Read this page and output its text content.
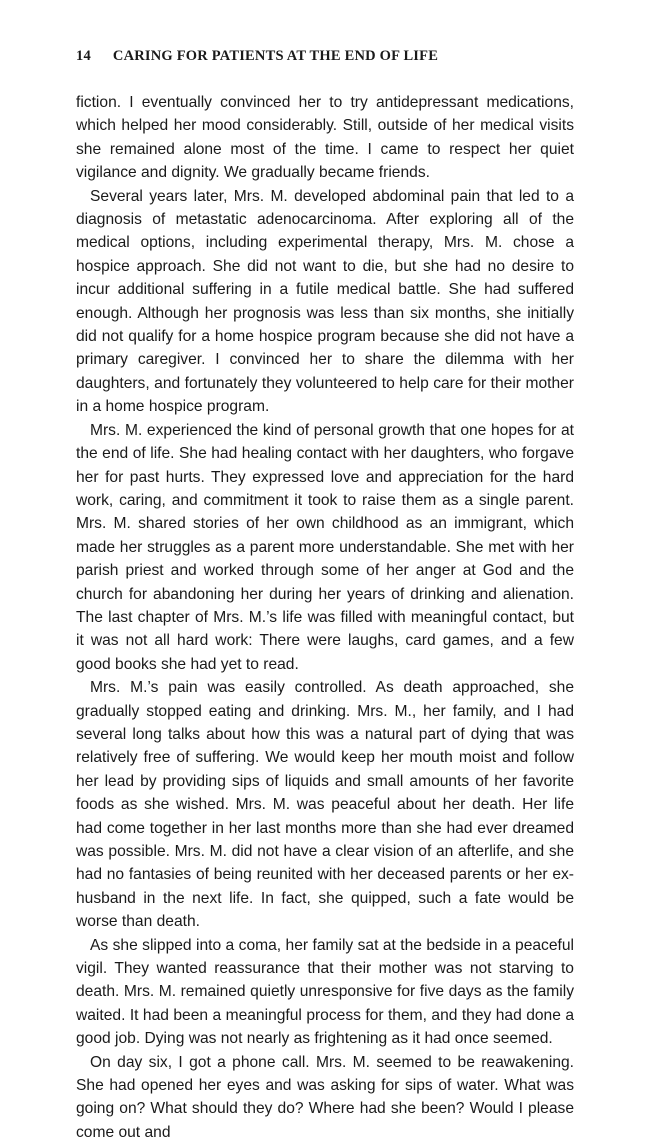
14 CARING FOR PATIENTS AT THE END OF LIFE

fiction. I eventually convinced her to try antidepressant medications, which helped her mood considerably. Still, outside of her medical visits she remained alone most of the time. I came to respect her quiet vigilance and dignity. We gradually became friends.

Several years later, Mrs. M. developed abdominal pain that led to a diagnosis of metastatic adenocarcinoma. After exploring all of the medical options, including experimental therapy, Mrs. M. chose a hospice approach. She did not want to die, but she had no desire to incur additional suffering in a futile medical battle. She had suffered enough. Although her prognosis was less than six months, she initially did not qualify for a home hospice program because she did not have a primary caregiver. I convinced her to share the dilemma with her daughters, and fortunately they volunteered to help care for their mother in a home hospice program.

Mrs. M. experienced the kind of personal growth that one hopes for at the end of life. She had healing contact with her daughters, who forgave her for past hurts. They expressed love and appreciation for the hard work, caring, and commitment it took to raise them as a single parent. Mrs. M. shared stories of her own childhood as an immigrant, which made her struggles as a parent more understandable. She met with her parish priest and worked through some of her anger at God and the church for abandoning her during her years of drinking and alienation. The last chapter of Mrs. M.’s life was filled with meaningful contact, but it was not all hard work: There were laughs, card games, and a few good books she had yet to read.

Mrs. M.’s pain was easily controlled. As death approached, she gradually stopped eating and drinking. Mrs. M., her family, and I had several long talks about how this was a natural part of dying that was relatively free of suffering. We would keep her mouth moist and follow her lead by providing sips of liquids and small amounts of her favorite foods as she wished. Mrs. M. was peaceful about her death. Her life had come together in her last months more than she had ever dreamed was possible. Mrs. M. did not have a clear vision of an afterlife, and she had no fantasies of being reunited with her deceased parents or her ex-husband in the next life. In fact, she quipped, such a fate would be worse than death.

As she slipped into a coma, her family sat at the bedside in a peaceful vigil. They wanted reassurance that their mother was not starving to death. Mrs. M. remained quietly unresponsive for five days as the family waited. It had been a meaningful process for them, and they had done a good job. Dying was not nearly as frightening as it had once seemed.

On day six, I got a phone call. Mrs. M. seemed to be reawakening. She had opened her eyes and was asking for sips of water. What was going on? What should they do? Where had she been? Would I please come out and
